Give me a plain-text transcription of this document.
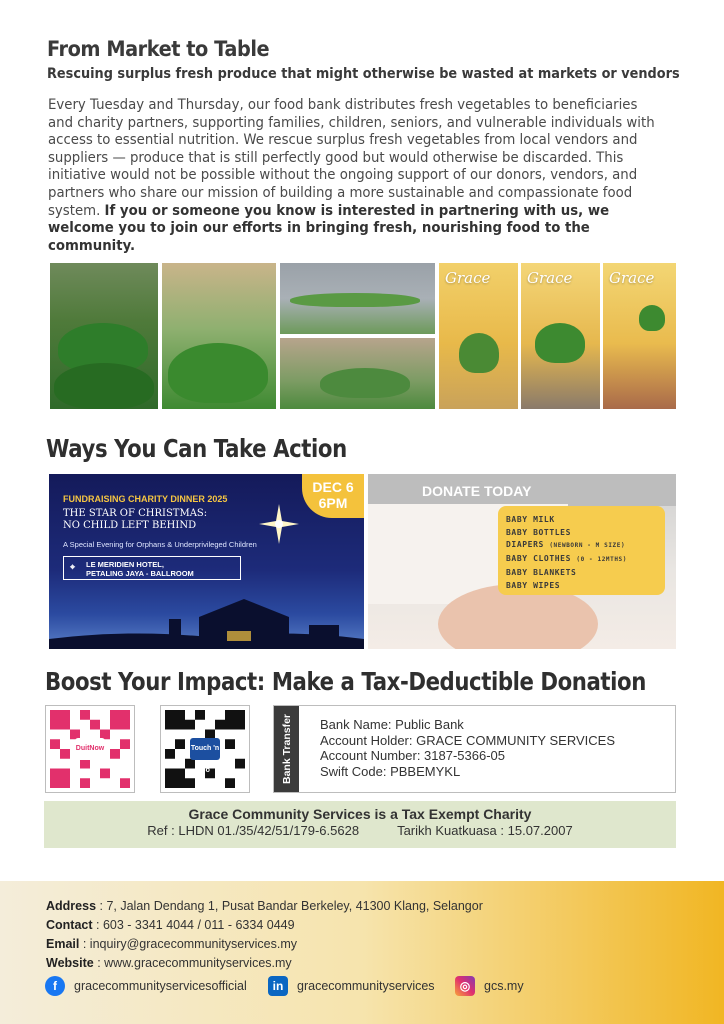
From Market to Table
Rescuing surplus fresh produce that might otherwise be wasted at markets or vendors
Every Tuesday and Thursday, our food bank distributes fresh vegetables to beneficiaries and charity partners, supporting families, children, seniors, and vulnerable individuals with access to essential nutrition. We rescue surplus fresh vegetables from local vendors and suppliers — produce that is still perfectly good but would otherwise be discarded. This initiative would not be possible without the ongoing support of our donors, vendors, and partners who share our mission of building a more sustainable and compassionate food system. If you or someone you know is interested in partnering with us, we welcome you to join our efforts in bringing fresh, nourishing food to the community.
Grace Grace Grace
Ways You Can Take Action
DEC 6
6PM
FUNDRAISING CHARITY DINNER 2025
THE STAR OF CHRISTMAS:
NO CHILD LEFT BEHIND
A Special Evening for Orphans & Underprivileged Children
⌖ LE MERIDIEN HOTEL,
PETALING JAYA - BALLROOM
DONATE TODAY
BABY MILK
BABY BOTTLES
DIAPERS (NEWBORN - M SIZE)
BABY CLOTHES (0 - 12MTHS)
BABY BLANKETS
BABY WIPES
Boost Your Impact: Make a Tax-Deductible Donation
DuitNow	Touch 'n Go	Bank Transfer Bank Name: Public Bank
Account Holder: GRACE COMMUNITY SERVICES
Account Number: 3187-5366-05
Swift Code: PBBEMYKL
Grace Community Services is a Tax Exempt Charity
Ref : LHDN 01./35/42/51/179-6.5628	Tarikh Kuatkuasa : 15.07.2007
Address : 7, Jalan Dendang 1, Pusat Bandar Berkeley, 41300 Klang, Selangor
Contact : 603 - 3341 4044 / 011 - 6334 0449
Email : inquiry@gracecommunityservices.my
Website : www.gracecommunityservices.my
f	gracecommunityservicesofficial	in	gracecommunityservices	◎	gcs.my
